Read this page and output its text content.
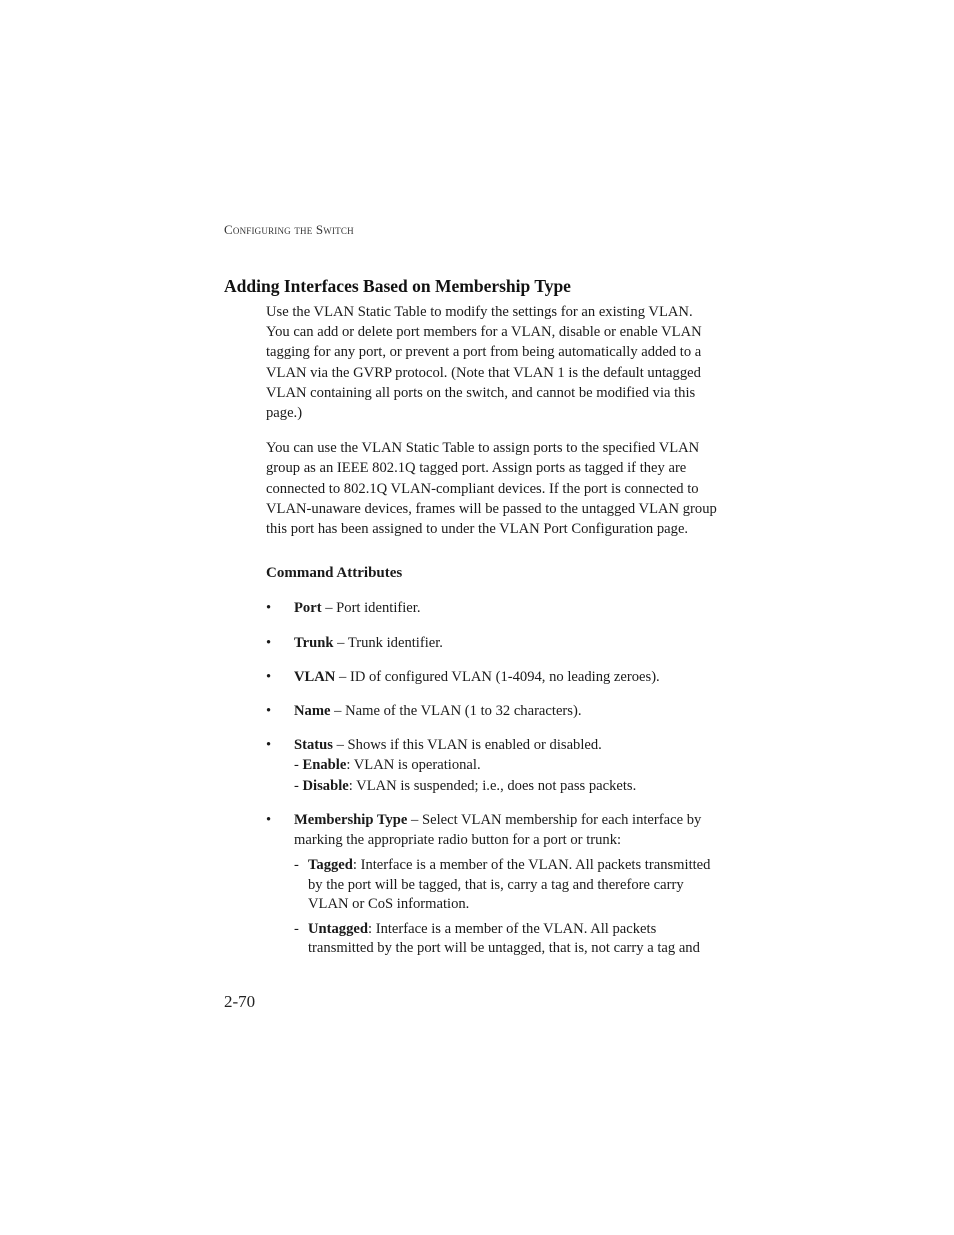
Configuring the Switch
Adding Interfaces Based on Membership Type

Use the VLAN Static Table to modify the settings for an existing VLAN. You can add or delete port members for a VLAN, disable or enable VLAN tagging for any port, or prevent a port from being automatically added to a VLAN via the GVRP protocol. (Note that VLAN 1 is the default untagged VLAN containing all ports on the switch, and cannot be modified via this page.)

You can use the VLAN Static Table to assign ports to the specified VLAN group as an IEEE 802.1Q tagged port. Assign ports as tagged if they are connected to 802.1Q VLAN-compliant devices. If the port is connected to VLAN-unaware devices, frames will be passed to the untagged VLAN group this port has been assigned to under the VLAN Port Configuration page.

Command Attributes
• Port – Port identifier.
• Trunk – Trunk identifier.
• VLAN – ID of configured VLAN (1-4094, no leading zeroes).
• Name – Name of the VLAN (1 to 32 characters).
• Status – Shows if this VLAN is enabled or disabled.
- Enable: VLAN is operational.
- Disable: VLAN is suspended; i.e., does not pass packets.
• Membership Type – Select VLAN membership for each interface by marking the appropriate radio button for a port or trunk:
- Tagged: Interface is a member of the VLAN. All packets transmitted by the port will be tagged, that is, carry a tag and therefore carry VLAN or CoS information.
- Untagged: Interface is a member of the VLAN. All packets transmitted by the port will be untagged, that is, not carry a tag and
2-70
